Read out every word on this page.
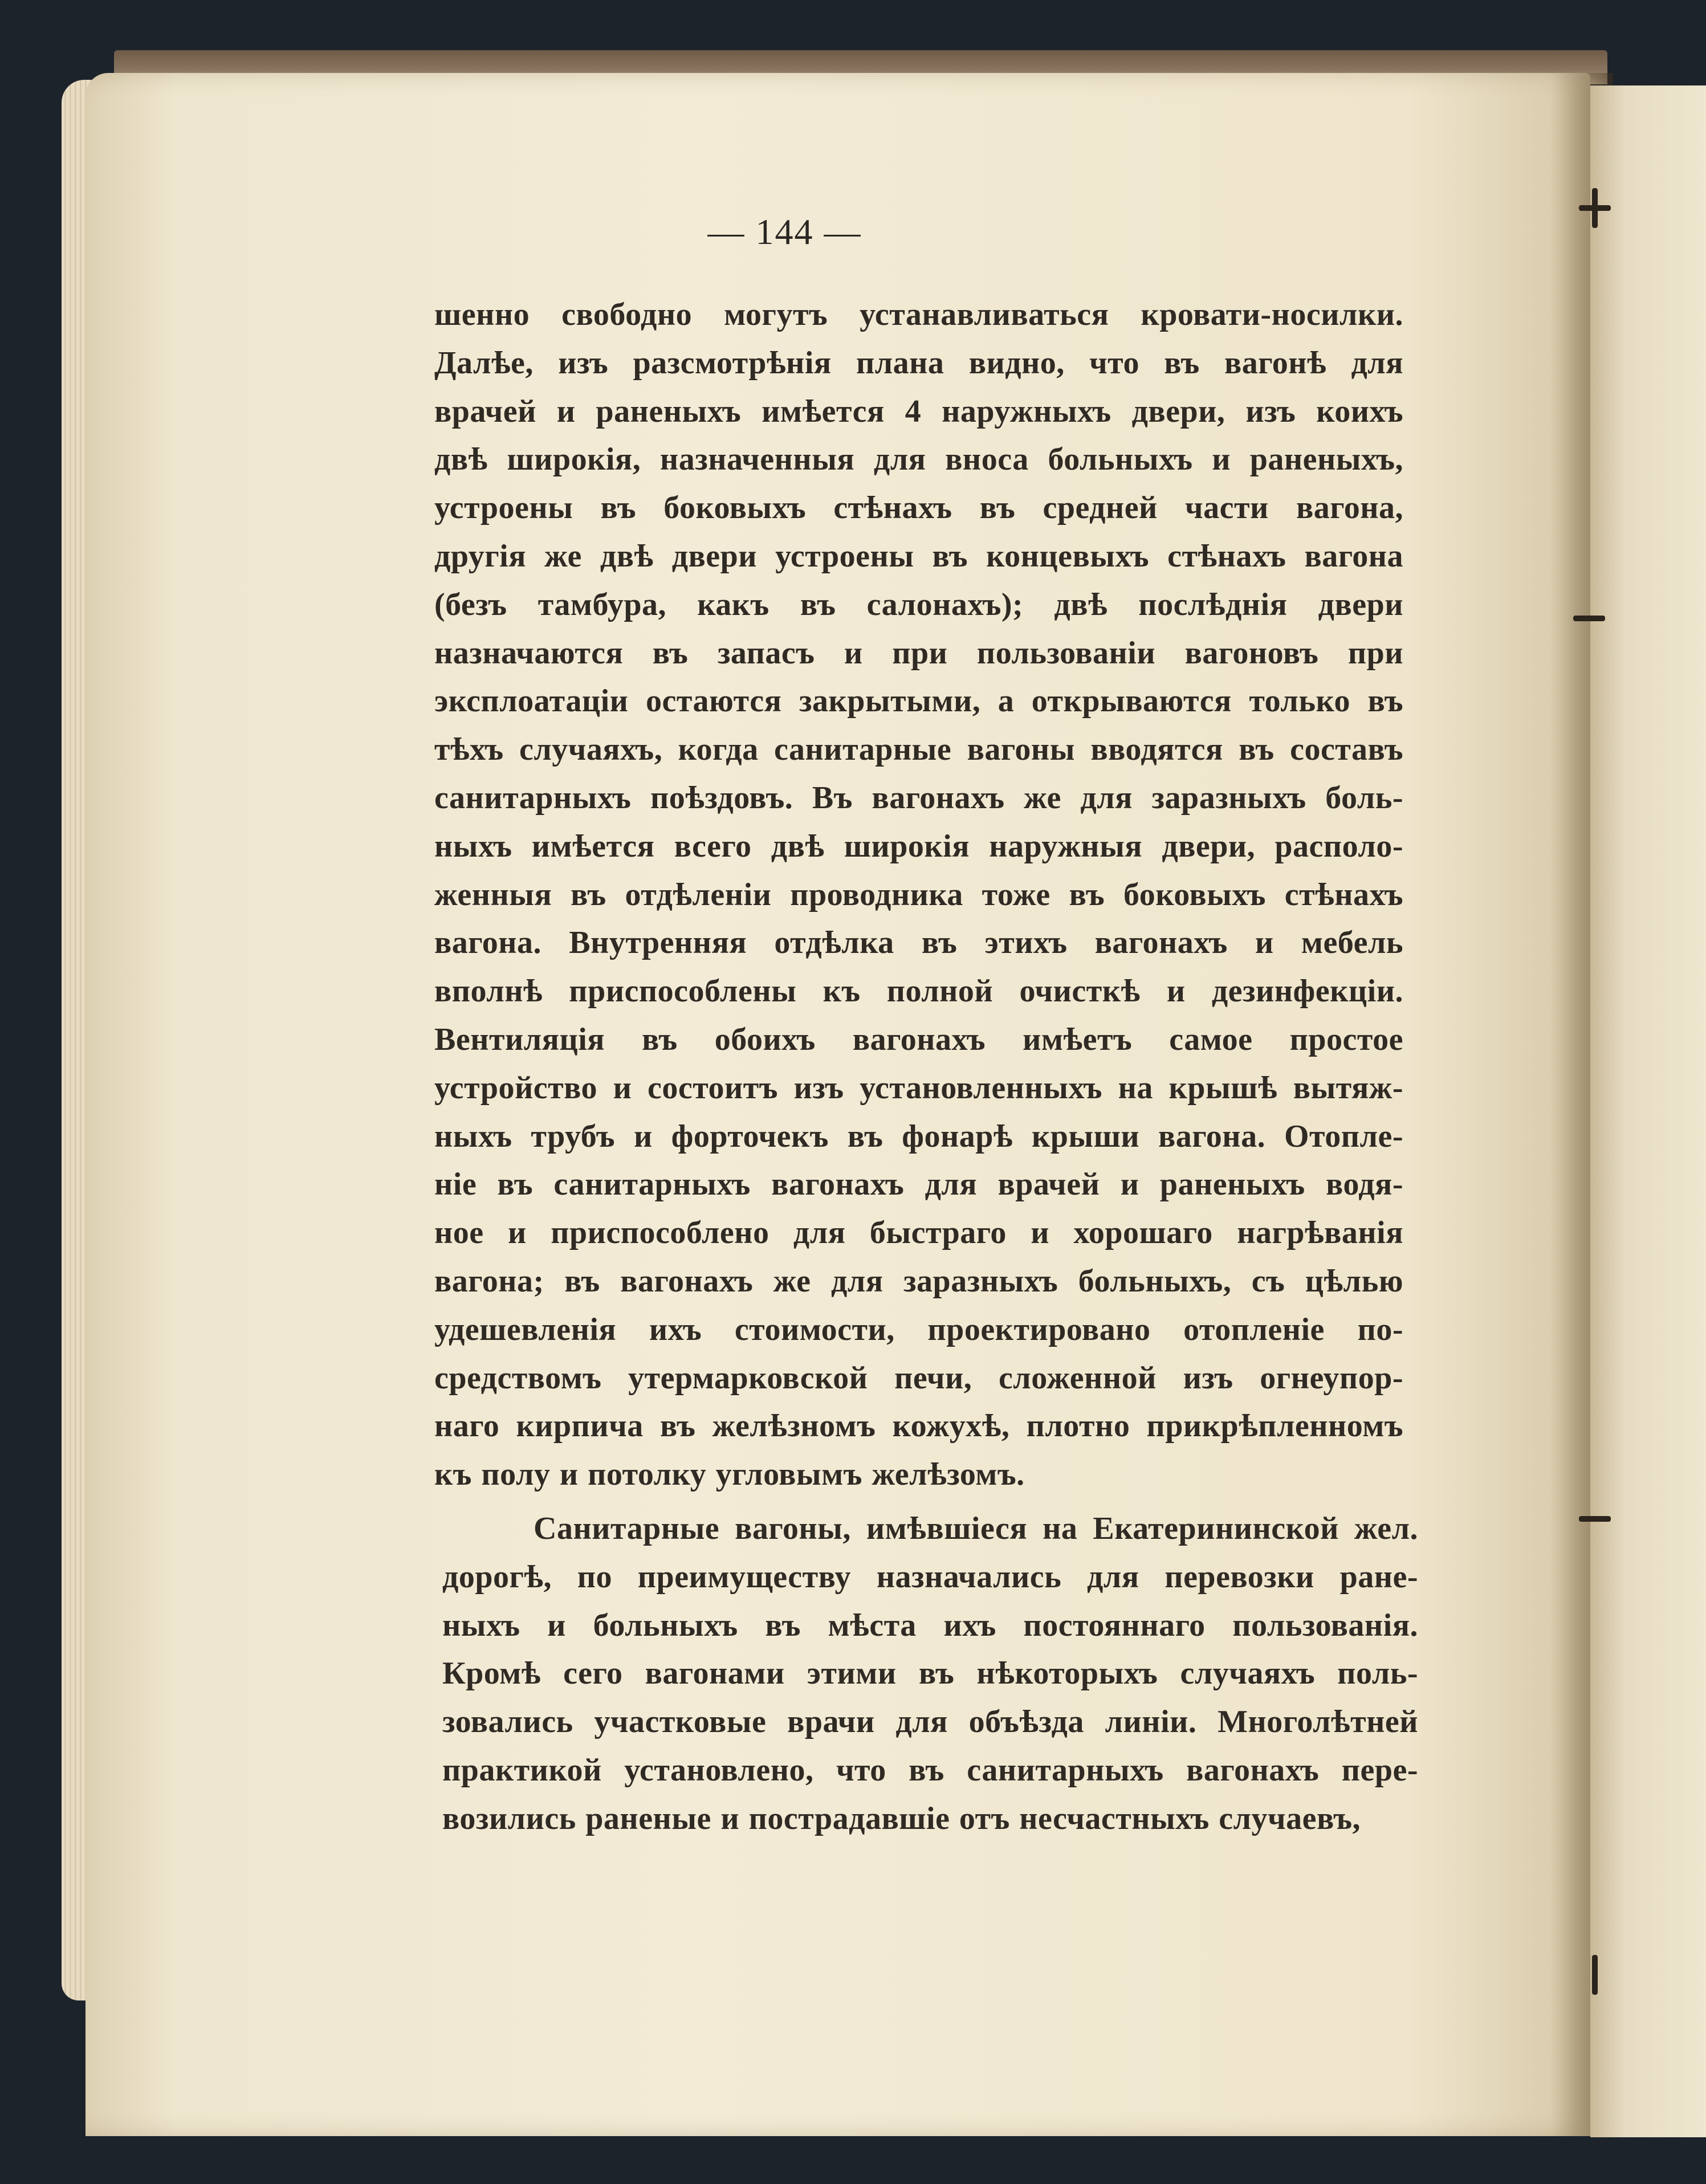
— 144 —
шенно свободно могутъ устанавливаться кровати-носилки.
Далѣе, изъ разсмотрѣнія плана видно, что въ вагонѣ для
врачей и раненыхъ имѣется 4 наружныхъ двери, изъ коихъ
двѣ широкія, назначенныя для вноса больныхъ и раненыхъ,
устроены въ боковыхъ стѣнахъ въ средней части вагона,
другія же двѣ двери устроены въ концевыхъ стѣнахъ вагона
(безъ тамбура, какъ въ салонахъ); двѣ послѣднія двери
назначаются въ запасъ и при пользованіи вагоновъ при
эксплоатаціи остаются закрытыми, а открываются только въ
тѣхъ случаяхъ, когда санитарные вагоны вводятся въ составъ
санитарныхъ поѣздовъ. Въ вагонахъ же для заразныхъ боль-
ныхъ имѣется всего двѣ широкія наружныя двери, располо-
женныя въ отдѣленіи проводника тоже въ боковыхъ стѣнахъ
вагона. Внутренняя отдѣлка въ этихъ вагонахъ и мебель
вполнѣ приспособлены къ полной очисткѣ и дезинфекціи.
Вентиляція въ обоихъ вагонахъ имѣетъ самое простое
устройство и состоитъ изъ установленныхъ на крышѣ вытяж-
ныхъ трубъ и форточекъ въ фонарѣ крыши вагона. Отопле-
ніе въ санитарныхъ вагонахъ для врачей и раненыхъ водя-
ное и приспособлено для быстраго и хорошаго нагрѣванія
вагона; въ вагонахъ же для заразныхъ больныхъ, съ цѣлью
удешевленія ихъ стоимости, проектировано отопленіе по-
средствомъ утермарковской печи, сложенной изъ огнеупор-
наго кирпича въ желѣзномъ кожухѣ, плотно прикрѣпленномъ
къ полу и потолку угловымъ желѣзомъ.
Санитарные вагоны, имѣвшіеся на Екатерининской жел.
дорогѣ, по преимуществу назначались для перевозки ране-
ныхъ и больныхъ въ мѣста ихъ постояннаго пользованія.
Кромѣ сего вагонами этими въ нѣкоторыхъ случаяхъ поль-
зовались участковые врачи для объѣзда линіи. Многолѣтней
практикой установлено, что въ санитарныхъ вагонахъ пере-
возились раненые и пострадавшіе отъ несчастныхъ случаевъ,
